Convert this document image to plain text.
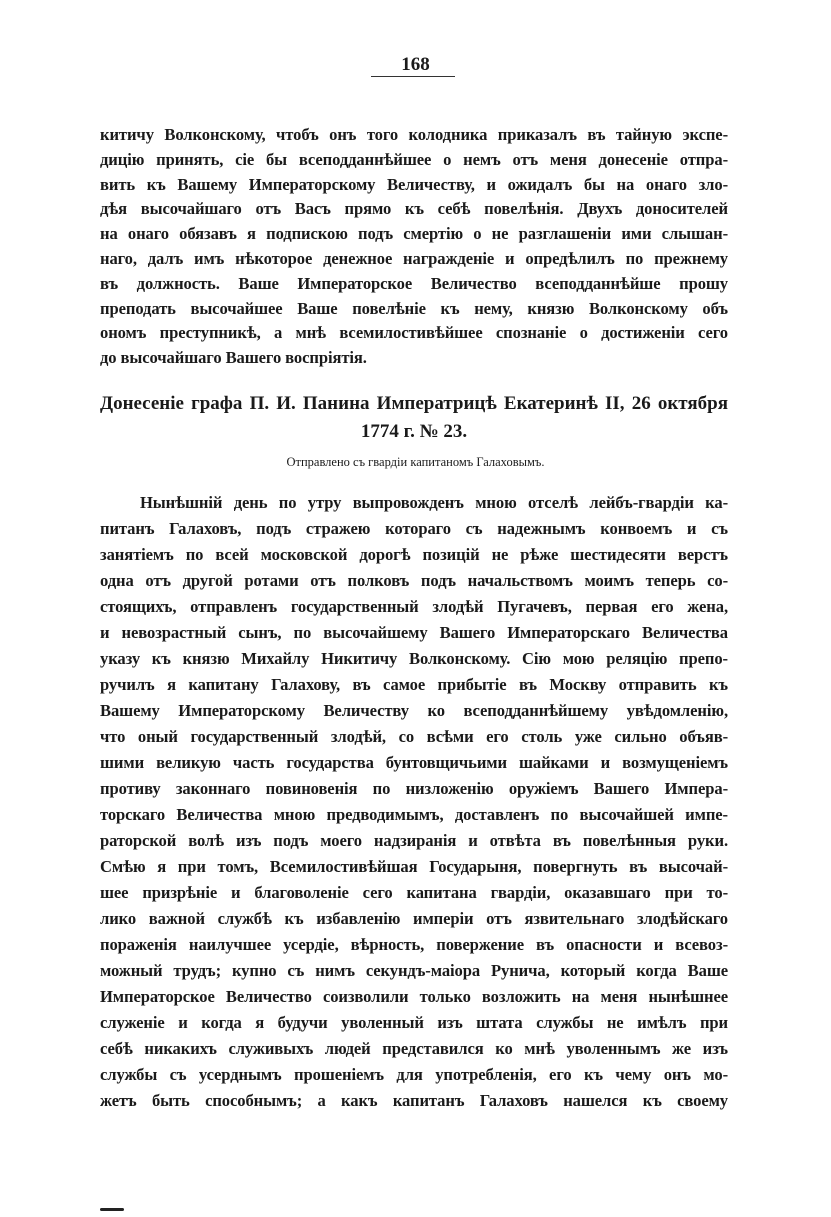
168
китичу Волконскому, чтобъ онъ того колодника приказалъ въ тайную экспе-
дицію принять, сіе бы всеподданнѣйшее о немъ отъ меня донесеніе отпра-
вить къ Вашему Императорскому Величеству, и ожидалъ бы на онаго зло-
дѣя высочайшаго отъ Васъ прямо къ себѣ повелѣнія. Двухъ доносителей
на онаго обязавъ я подпискою подъ смертію о не разглашеніи ими слышан-
наго, далъ имъ нѣкоторое денежное награжденіе и опредѣлилъ по прежнему
въ должность. Ваше Императорское Величество всеподданнѣйше прошу
преподать высочайшее Ваше повелѣніе къ нему, князю Волконскому объ
ономъ преступникѣ, а мнѣ всемилостивѣйшее спознаніе о достиженіи сего
до высочайшаго Вашего воспріятія.
Донесеніе графа П. И. Панина Императрицѣ Екатеринѣ II, 26 октября
1774 г. № 23.
Отправлено съ гвардіи капитаномъ Галаховымъ.
Нынѣшній день по утру выпровожденъ мною отселѣ лейбъ-гвардіи ка-
питанъ Галаховъ, подъ стражею котораго съ надежнымъ конвоемъ и съ
занятіемъ по всей московской дорогѣ позицій не рѣже шестидесяти верстъ
одна отъ другой ротами отъ полковъ подъ начальствомъ моимъ теперь со-
стоящихъ, отправленъ государственный злодѣй Пугачевъ, первая его жена,
и невозрастный сынъ, по высочайшему Вашего Императорскаго Величества
указу къ князю Михайлу Никитичу Волконскому. Сію мою реляцію препо-
ручилъ я капитану Галахову, въ самое прибытіе въ Москву отправить къ
Вашему Императорскому Величеству ко всеподданнѣйшему увѣдомленію,
что оный государственный злодѣй, со всѣми его столь уже сильно объяв-
шими великую часть государства бунтовщичьими шайками и возмущеніемъ
противу законнаго повиновенія по низложенію оружіемъ Вашего Импера-
торскаго Величества мною предводимымъ, доставленъ по высочайшей импе-
раторской волѣ изъ подъ моего надзиранія и отвѣта въ повелѣнныя руки.
Смѣю я при томъ, Всемилостивѣйшая Государыня, повергнуть въ высочай-
шее призрѣніе и благоволеніе сего капитана гвардіи, оказавшаго при то-
лико важной службѣ къ избавленію имперіи отъ язвительнаго злодѣйскаго
пораженія наилучшее усердіе, вѣрность, повержение въ опасности и всевоз-
можный трудъ; купно съ нимъ секундъ-маіора Рунича, который когда Ваше
Императорское Величество соизволили только возложить на меня нынѣшнее
служеніе и когда я будучи уволенный изъ штата службы не имѣлъ при
себѣ никакихъ служивыхъ людей представился ко мнѣ уволеннымъ же изъ
службы съ усерднымъ прошеніемъ для употребленія, его къ чему онъ мо-
жетъ быть способнымъ; а какъ капитанъ Галаховъ нашелся къ своему
